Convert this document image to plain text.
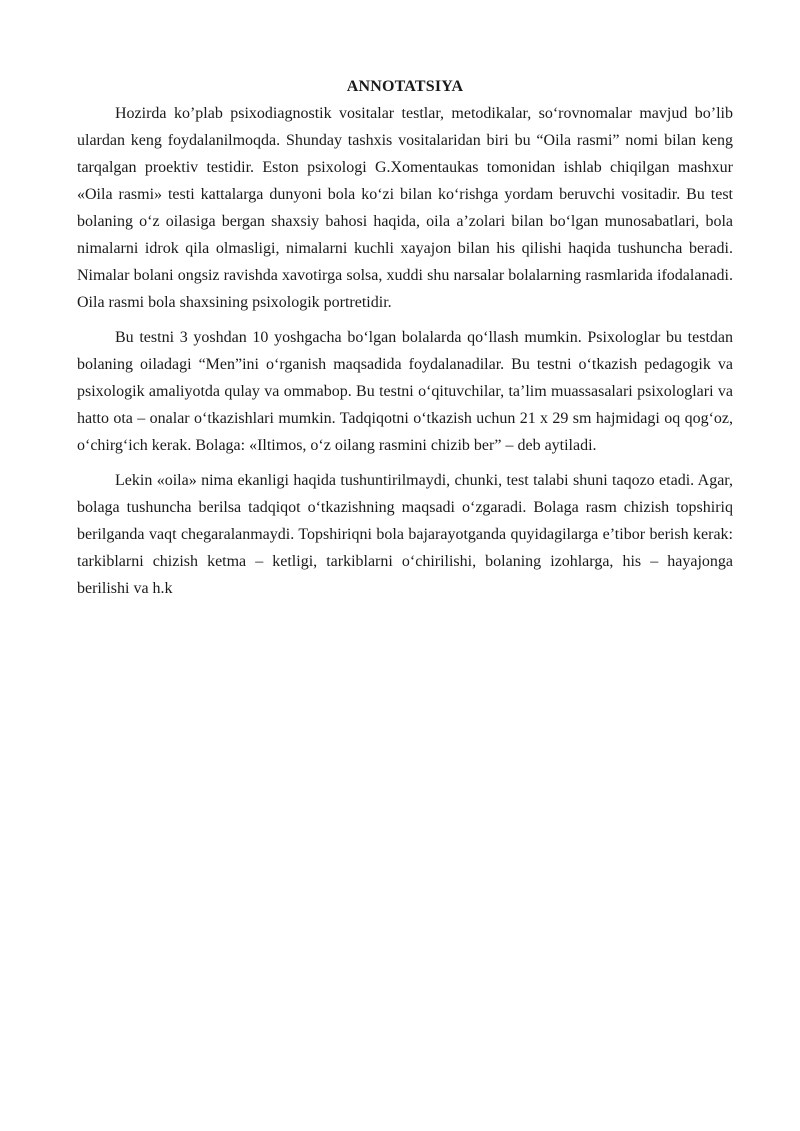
ANNOTATSIYA

Hozirda ko’plab psixodiagnostik vositalar testlar, metodikalar, so‘rovnomalar mavjud bo’lib ulardan keng foydalanilmoqda. Shunday tashxis vositalaridan biri bu “Oila rasmi” nomi bilan keng tarqalgan proektiv testidir. Eston psixologi G.Xomentaukas tomonidan ishlab chiqilgan mashxur «Oila rasmi» testi kattalarga dunyoni bola ko‘zi bilan ko‘rishga yordam beruvchi vositadir. Bu test bolaning o‘z oilasiga bergan shaxsiy bahosi haqida, oila a’zolari bilan bo‘lgan munosabatlari, bola nimalarni idrok qila olmasligi, nimalarni kuchli xayajon bilan his qilishi haqida tushuncha beradi. Nimalar bolani ongsiz ravishda xavotirga solsa, xuddi shu narsalar bolalarning rasmlarida ifodalanadi. Oila rasmi bola shaxsining psixologik portretidir.

Bu testni 3 yoshdan 10 yoshgacha bo‘lgan bolalarda qo‘llash mumkin. Psixologlar bu testdan bolaning oiladagi “Men”ini o‘rganish maqsadida foydalanadilar. Bu testni o‘tkazish pedagogik va psixologik amaliyotda qulay va ommabop. Bu testni o‘qituvchilar, ta’lim muassasalari psixologlari va hatto ota – onalar o‘tkazishlari mumkin. Tadqiqotni o‘tkazish uchun 21 x 29 sm hajmidagi oq qog‘oz, o‘chirg‘ich kerak. Bolaga: «Iltimos, o‘z oilang rasmini chizib ber” – deb aytiladi.

Lekin «oila» nima ekanligi haqida tushuntirilmaydi, chunki, test talabi shuni taqozo etadi. Agar, bolaga tushuncha berilsa tadqiqot o‘tkazishning maqsadi o‘zgaradi. Bolaga rasm chizish topshiriq berilganda vaqt chegaralanmaydi. Topshiriqni bola bajarayotganda quyidagilarga e’tibor berish kerak: tarkiblarni chizish ketma – ketligi, tarkiblarni o‘chirilishi, bolaning izohlarga, his – hayajonga berilishi va h.k
